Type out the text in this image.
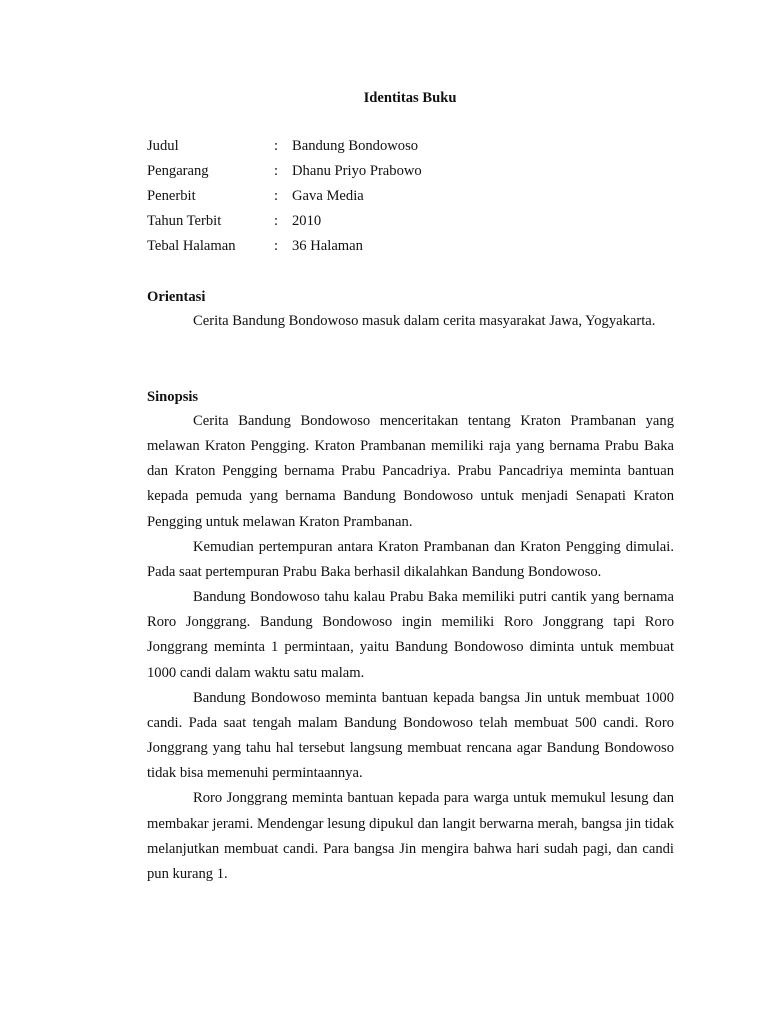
Identitas Buku
Judul	: Bandung Bondowoso
Pengarang	: Dhanu Priyo Prabowo
Penerbit	: Gava Media
Tahun Terbit	: 2010
Tebal Halaman	: 36 Halaman
Orientasi

Cerita Bandung Bondowoso masuk dalam cerita masyarakat Jawa, Yogyakarta.

Sinopsis

Cerita Bandung Bondowoso menceritakan tentang Kraton Prambanan yang melawan Kraton Pengging. Kraton Prambanan memiliki raja yang bernama Prabu Baka dan Kraton Pengging bernama Prabu Pancadriya. Prabu Pancadriya meminta bantuan kepada pemuda yang bernama Bandung Bondowoso untuk menjadi Senapati Kraton Pengging untuk melawan Kraton Prambanan.

Kemudian pertempuran antara Kraton Prambanan dan Kraton Pengging dimulai. Pada saat pertempuran Prabu Baka berhasil dikalahkan Bandung Bondowoso.

Bandung Bondowoso tahu kalau Prabu Baka memiliki putri cantik yang bernama Roro Jonggrang. Bandung Bondowoso ingin memiliki Roro Jonggrang tapi Roro Jonggrang meminta 1 permintaan, yaitu Bandung Bondowoso diminta untuk membuat 1000 candi dalam waktu satu malam.

Bandung Bondowoso meminta bantuan kepada bangsa Jin untuk membuat 1000 candi. Pada saat tengah malam Bandung Bondowoso telah membuat 500 candi. Roro Jonggrang yang tahu hal tersebut langsung membuat rencana agar Bandung Bondowoso tidak bisa memenuhi permintaannya.

Roro Jonggrang meminta bantuan kepada para warga untuk memukul lesung dan membakar jerami. Mendengar lesung dipukul dan langit berwarna merah, bangsa jin tidak melanjutkan membuat candi. Para bangsa Jin mengira bahwa hari sudah pagi, dan candi pun kurang 1.
